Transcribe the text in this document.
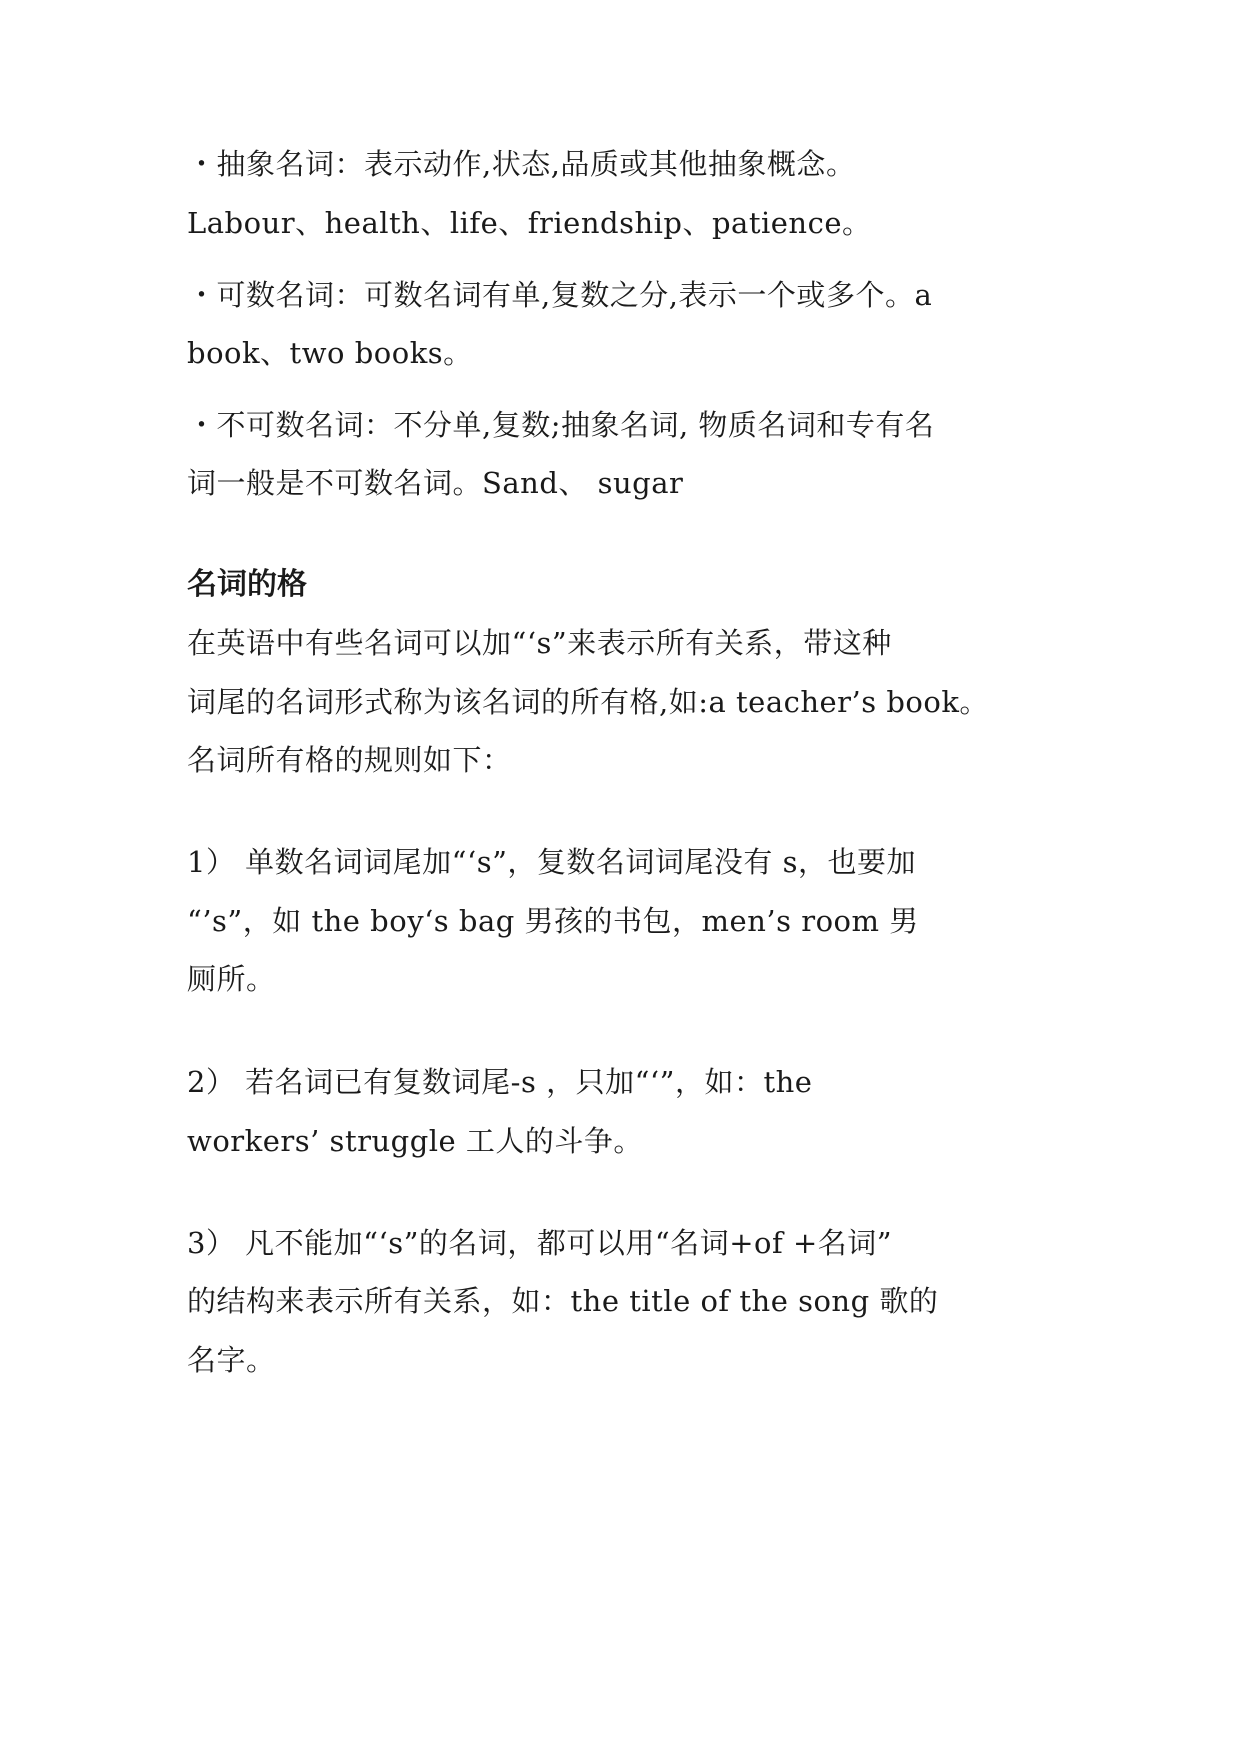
・抽象名词：表示动作,状态,品质或其他抽象概念。
Labour、health、life、friendship、patience。
・可数名词：可数名词有单,复数之分,表示一个或多个。a
book、two books。
・不可数名词：不分单,复数;抽象名词, 物质名词和专有名
词一般是不可数名词。Sand、 sugar
名词的格
在英语中有些名词可以加“‘s”来表示所有关系，带这种
词尾的名词形式称为该名词的所有格,如:a teacher’s book。
名词所有格的规则如下：
1） 单数名词词尾加“‘s”，复数名词词尾没有 s，也要加
“’s”，如 the boy‘s bag 男孩的书包，men’s room 男
厕所。
2） 若名词已有复数词尾-s ，只加“‘”，如：the
workers’ struggle 工人的斗争。
3） 凡不能加“‘s”的名词，都可以用“名词+of +名词”
的结构来表示所有关系，如：the title of the song 歌的
名字。
